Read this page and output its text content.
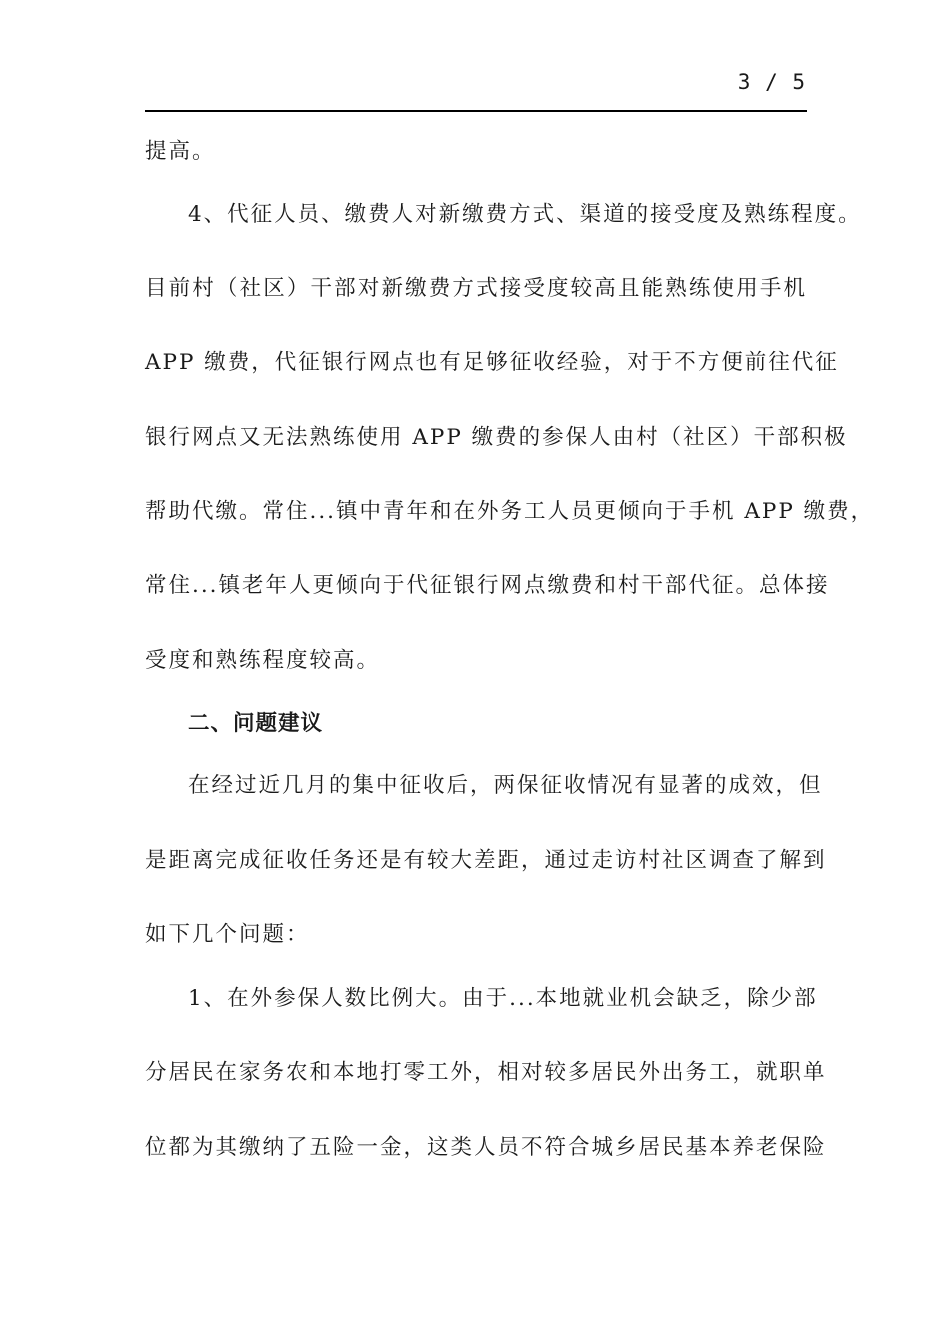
3 / 5
提高。
4、代征人员、缴费人对新缴费方式、渠道的接受度及熟练程度。
目前村（社区）干部对新缴费方式接受度较高且能熟练使用手机
APP 缴费，代征银行网点也有足够征收经验，对于不方便前往代征
银行网点又无法熟练使用 APP 缴费的参保人由村（社区）干部积极
帮助代缴。常住...镇中青年和在外务工人员更倾向于手机 APP 缴费，
常住...镇老年人更倾向于代征银行网点缴费和村干部代征。总体接
受度和熟练程度较高。
二、问题建议
在经过近几月的集中征收后，两保征收情况有显著的成效，但
是距离完成征收任务还是有较大差距，通过走访村社区调查了解到
如下几个问题：
1、在外参保人数比例大。由于...本地就业机会缺乏，除少部
分居民在家务农和本地打零工外，相对较多居民外出务工，就职单
位都为其缴纳了五险一金，这类人员不符合城乡居民基本养老保险
